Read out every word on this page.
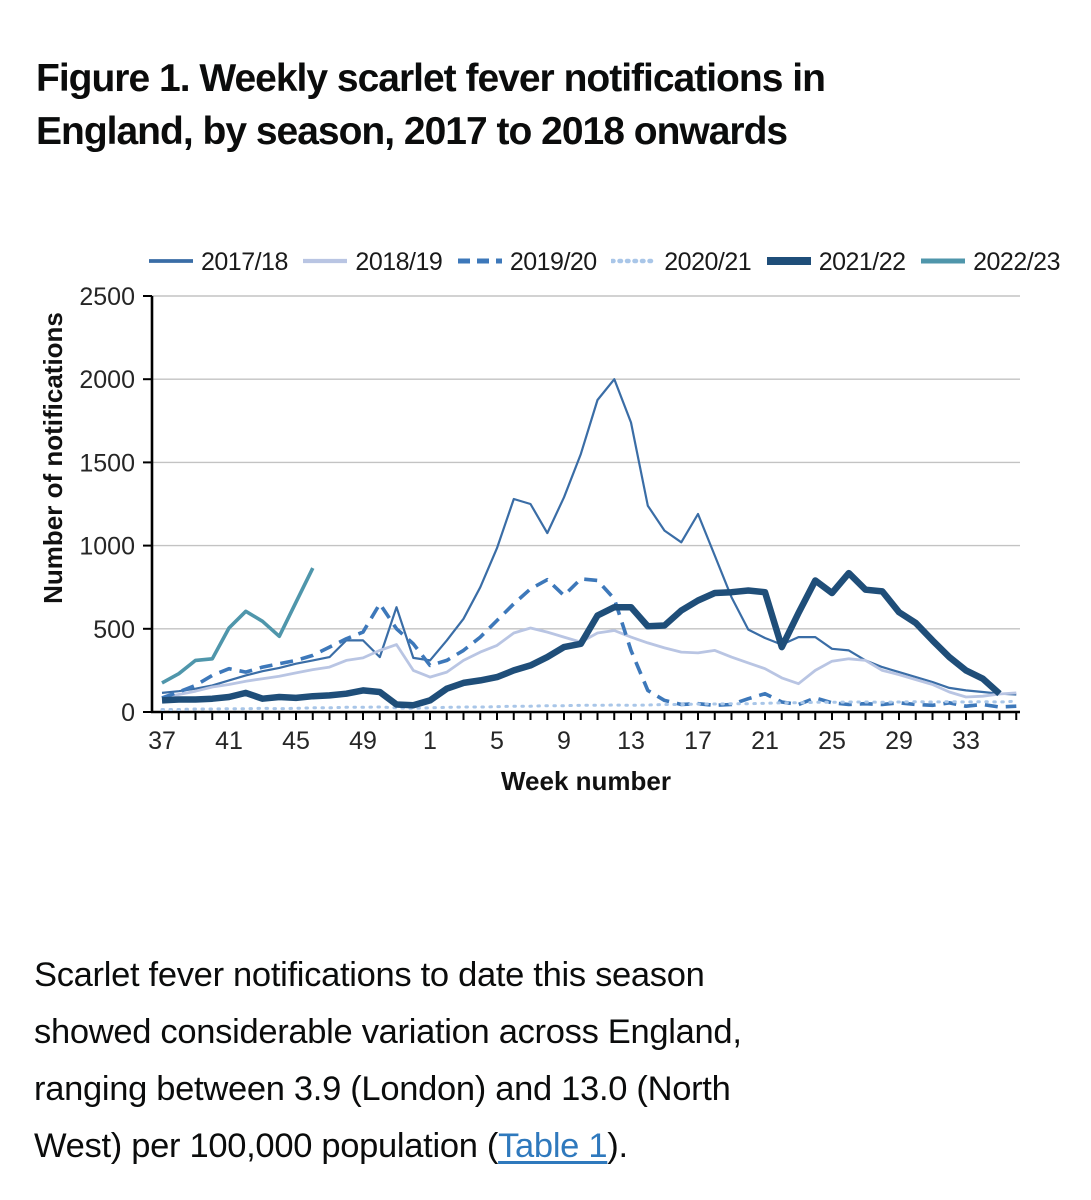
Figure 1. Weekly scarlet fever notifications in
England, by season, 2017 to 2018 onwards
2017/18	2018/19	2019/20	2020/21	2021/22	2022/23
0
500
1000
1500
2000
2500
37 41 45 49 1 5 9 13 17 21 25 29 33
Week number
Number of notifications

Scarlet fever notifications to date this season
showed considerable variation across England,
ranging between 3.9 (London) and 13.0 (North
West) per 100,000 population (Table 1).
